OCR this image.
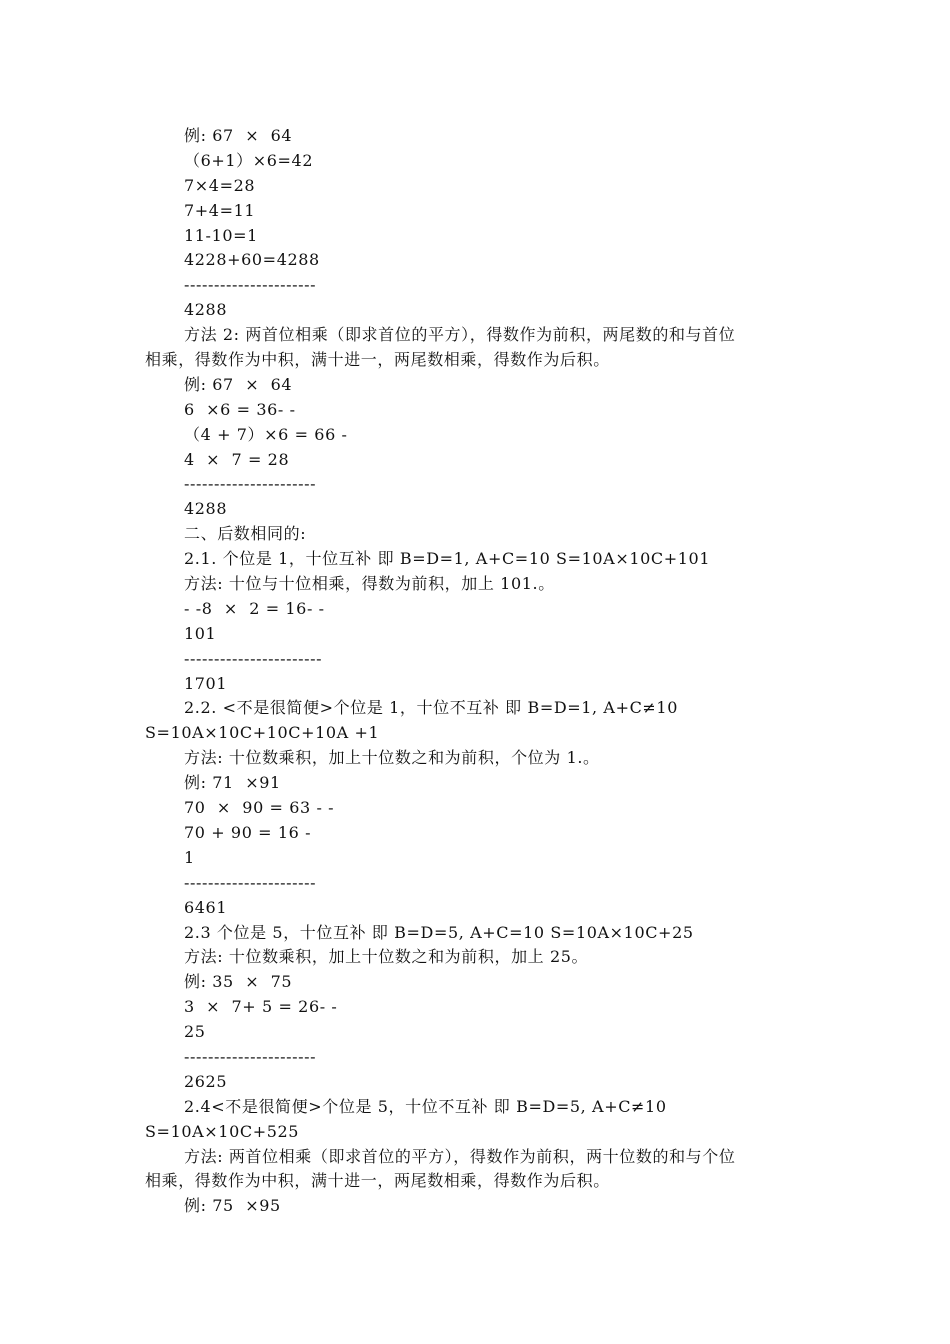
例: 67  ×  64
（6+1）×6=42
7×4=28
7+4=11
11-10=1
4228+60=4288
----------------------
4288
方法 2: 两首位相乘（即求首位的平方），得数作为前积，两尾数的和与首位
相乘，得数作为中积，满十进一，两尾数相乘，得数作为后积。
例: 67  ×  64
6  ×6 = 36- -
（4 + 7）×6 = 66 -
4  ×  7 = 28
----------------------
4288
二、后数相同的:
2.1. 个位是 1，十位互补 即 B=D=1, A+C=10 S=10A×10C+101
方法: 十位与十位相乘，得数为前积，加上 101.。
- -8  ×  2 = 16- -
101
-----------------------
1701
2.2. <不是很简便>个位是 1，十位不互补 即 B=D=1, A+C≠10
S=10A×10C+10C+10A +1
方法: 十位数乘积，加上十位数之和为前积，个位为 1.。
例: 71  ×91
70  ×  90 = 63 - -
70 + 90 = 16 -
1
----------------------
6461
2.3 个位是 5，十位互补 即 B=D=5, A+C=10 S=10A×10C+25
方法: 十位数乘积，加上十位数之和为前积，加上 25。
例: 35  ×  75
3  ×  7+ 5 = 26- -
25
----------------------
2625
2.4<不是很简便>个位是 5，十位不互补 即 B=D=5, A+C≠10
S=10A×10C+525
方法: 两首位相乘（即求首位的平方），得数作为前积，两十位数的和与个位
相乘，得数作为中积，满十进一，两尾数相乘，得数作为后积。
例: 75  ×95
